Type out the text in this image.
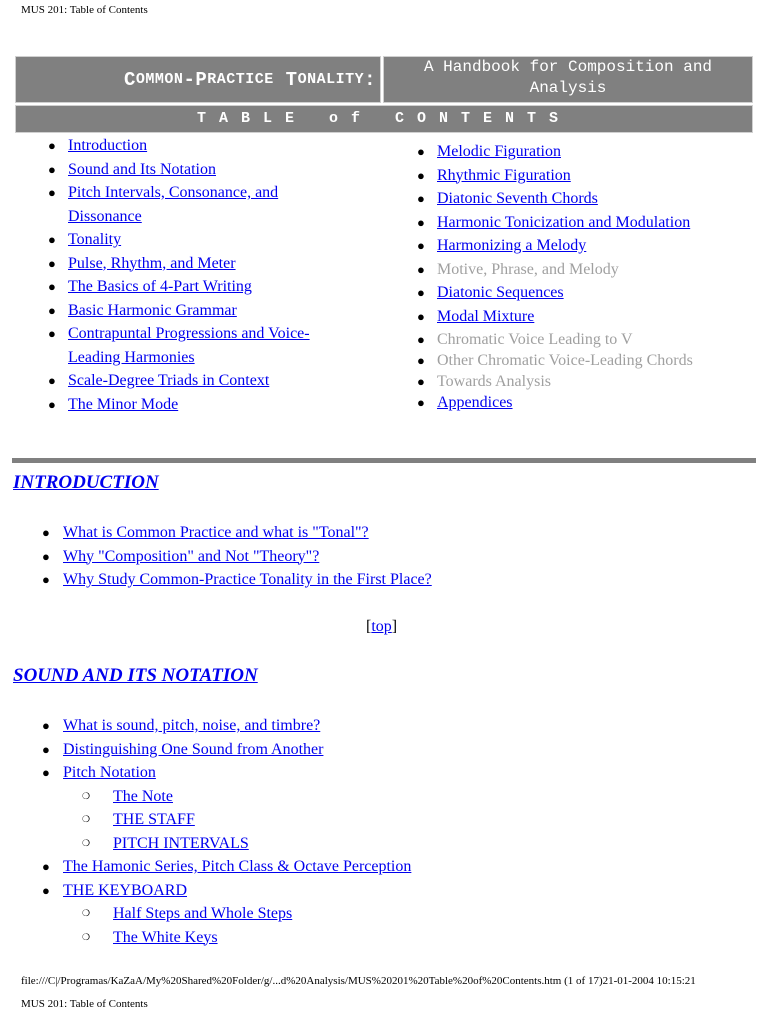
MUS 201: Table of Contents
C OMMON -P RACTICE T ONALITY :
A Handbook for Composition and Analysis
TABLE of CONTENTS
● Introduction
● Sound and Its Notation
● Pitch Intervals, Consonance, and Dissonance
● Tonality
● Pulse, Rhythm, and Meter
● The Basics of 4-Part Writing
● Basic Harmonic Grammar
● Contrapuntal Progressions and Voice-Leading Harmonies
● Scale-Degree Triads in Context
● The Minor Mode
● Melodic Figuration
● Rhythmic Figuration
● Diatonic Seventh Chords
● Harmonic Tonicization and Modulation
● Harmonizing a Melody
● Motive, Phrase, and Melody
● Diatonic Sequences
● Modal Mixture
● Chromatic Voice Leading to V
● Other Chromatic Voice-Leading Chords
● Towards Analysis
● Appendices
INTRODUCTION
● What is Common Practice and what is "Tonal"?
● Why "Composition" and Not "Theory"?
● Why Study Common-Practice Tonality in the First Place?
[top]
SOUND AND ITS NOTATION
● What is sound, pitch, noise, and timbre?
● Distinguishing One Sound from Another
● Pitch Notation
❍ The Note
❍ THE STAFF
❍ PITCH INTERVALS
● The Hamonic Series, Pitch Class & Octave Perception
● THE KEYBOARD
❍ Half Steps and Whole Steps
❍ The White Keys
file:///C|/Programas/KaZaA/My%20Shared%20Folder/g/...d%20Analysis/MUS%20201%20Table%20of%20Contents.htm (1 of 17)21-01-2004 10:15:21
MUS 201: Table of Contents
